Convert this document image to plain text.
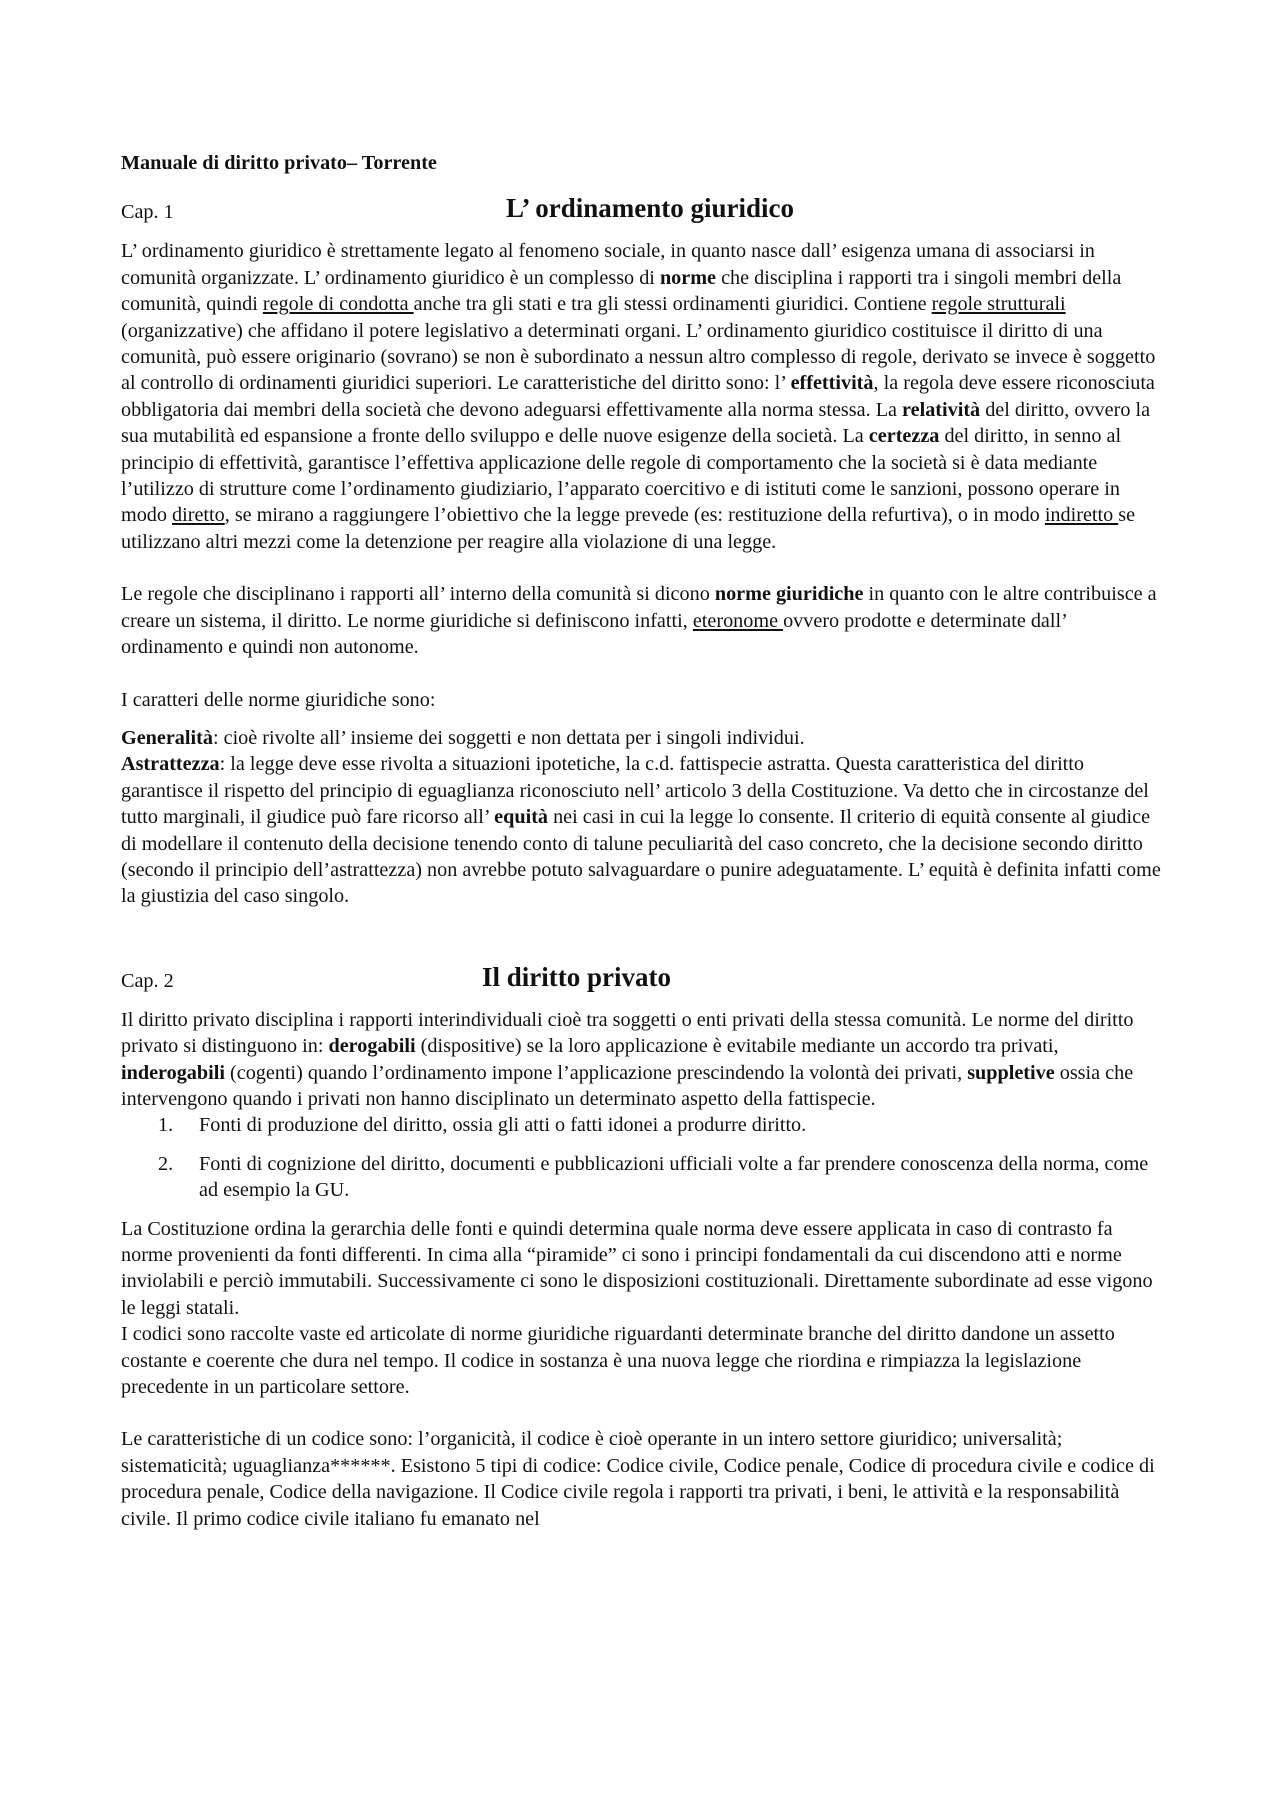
Manuale di diritto privato– Torrente

Cap. 1	L’ ordinamento giuridico

L’ ordinamento giuridico è strettamente legato al fenomeno sociale, in quanto nasce dall’ esigenza umana di associarsi in comunità organizzate. L’ ordinamento giuridico è un complesso di norme che disciplina i rapporti tra i singoli membri della comunità, quindi regole di condotta anche tra gli stati e tra gli stessi ordinamenti giuridici. Contiene regole strutturali (organizzative) che affidano il potere legislativo a determinati organi. L’ ordinamento giuridico costituisce il diritto di una comunità, può essere originario (sovrano) se non è subordinato a nessun altro complesso di regole, derivato se invece è soggetto al controllo di ordinamenti giuridici superiori. Le caratteristiche del diritto sono: l’ effettività, la regola deve essere riconosciuta obbligatoria dai membri della società che devono adeguarsi effettivamente alla norma stessa. La relatività del diritto, ovvero la sua mutabilità ed espansione a fronte dello sviluppo e delle nuove esigenze della società. La certezza del diritto, in senno al principio di effettività, garantisce l’effettiva applicazione delle regole di comportamento che la società si è data mediante l’utilizzo di strutture come l’ordinamento giudiziario, l’apparato coercitivo e di istituti come le sanzioni, possono operare in modo diretto, se mirano a raggiungere l’obiettivo che la legge prevede (es: restituzione della refurtiva), o in modo indiretto se utilizzano altri mezzi come la detenzione per reagire alla violazione di una legge.

Le regole che disciplinano i rapporti all’ interno della comunità si dicono norme giuridiche in quanto con le altre contribuisce a creare un sistema, il diritto. Le norme giuridiche si definiscono infatti, eteronome ovvero prodotte e determinate dall’ ordinamento e quindi non autonome.

I caratteri delle norme giuridiche sono:

Generalità: cioè rivolte all’ insieme dei soggetti e non dettata per i singoli individui.

Astrattezza: la legge deve esse rivolta a situazioni ipotetiche, la c.d. fattispecie astratta. Questa caratteristica del diritto garantisce il rispetto del principio di eguaglianza riconosciuto nell’ articolo 3 della Costituzione. Va detto che in circostanze del tutto marginali, il giudice può fare ricorso all’ equità nei casi in cui la legge lo consente. Il criterio di equità consente al giudice di modellare il contenuto della decisione tenendo conto di talune peculiarità del caso concreto, che la decisione secondo diritto (secondo il principio dell’astrattezza) non avrebbe potuto salvaguardare o punire adeguatamente. L’ equità è definita infatti come la giustizia del caso singolo.

Cap. 2	Il diritto privato

Il diritto privato disciplina i rapporti interindividuali cioè tra soggetti o enti privati della stessa comunità. Le norme del diritto privato si distinguono in: derogabili (dispositive) se la loro applicazione è evitabile mediante un accordo tra privati, inderogabili (cogenti) quando l’ordinamento impone l’applicazione prescindendo la volontà dei privati, suppletive ossia che intervengono quando i privati non hanno disciplinato un determinato aspetto della fattispecie.

1. Fonti di produzione del diritto, ossia gli atti o fatti idonei a produrre diritto.
2. Fonti di cognizione del diritto, documenti e pubblicazioni ufficiali volte a far prendere conoscenza della norma, come ad esempio la GU.

La Costituzione ordina la gerarchia delle fonti e quindi determina quale norma deve essere applicata in caso di contrasto fa norme provenienti da fonti differenti. In cima alla “piramide” ci sono i principi fondamentali da cui discendono atti e norme inviolabili e perciò immutabili. Successivamente ci sono le disposizioni costituzionali. Direttamente subordinate ad esse vigono le leggi statali.

I codici sono raccolte vaste ed articolate di norme giuridiche riguardanti determinate branche del diritto dandone un assetto costante e coerente che dura nel tempo. Il codice in sostanza è una nuova legge che riordina e rimpiazza la legislazione precedente in un particolare settore.

Le caratteristiche di un codice sono: l’organicità, il codice è cioè operante in un intero settore giuridico; universalità; sistematicità; uguaglianza******. Esistono 5 tipi di codice: Codice civile, Codice penale, Codice di procedura civile e codice di procedura penale, Codice della navigazione. Il Codice civile regola i rapporti tra privati, i beni, le attività e la responsabilità civile. Il primo codice civile italiano fu emanato nel
